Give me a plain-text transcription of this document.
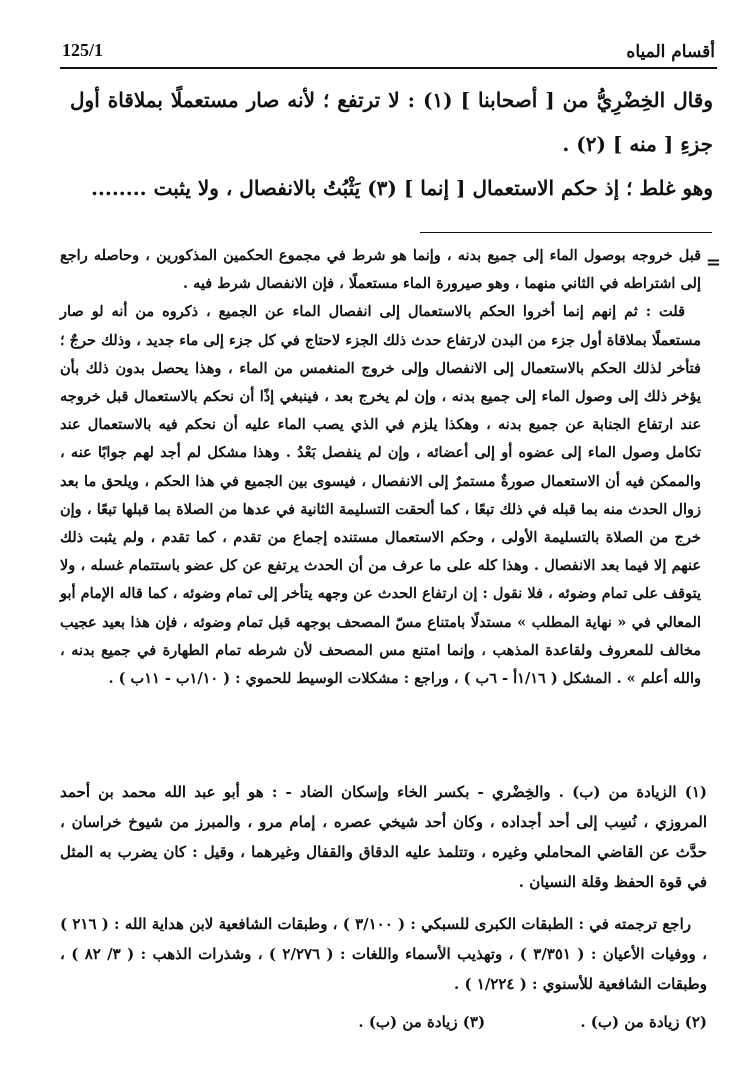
أقسام المياه
125/1

وقال الخِضْرِيُّ من [ أصحابنا ] (١) : لا ترتفع ؛ لأنه صار مستعملًا بملاقاة أول جزءِ [ منه ] (٢) .

وهو غلط ؛ إذ حكم الاستعمال [ إنما ] (٣) يَثْبُتُ بالانفصال ، ولا يثبت ........

=

قبل خروجه بوصول الماء إلى جميع بدنه ، وإنما هو شرط في مجموع الحكمين المذكورين ، وحاصله راجع إلى اشتراطه في الثاني منهما ، وهو صيرورة الماء مستعملًا ، فإن الانفصال شرط فيه .

قلت : ثم إنهم إنما أخروا الحكم بالاستعمال إلى انفصال الماء عن الجميع ، ذكروه من أنه لو صار مستعملًا بملاقاة أول جزء من البدن لارتفاع حدث ذلك الجزء لاحتاج في كل جزء إلى ماء جديد ، وذلك حرجٌ ؛ فتأخر لذلك الحكم بالاستعمال إلى الانفصال وإلى خروج المنغمس من الماء ، وهذا يحصل بدون ذلك بأن يؤخر ذلك إلى وصول الماء إلى جميع بدنه ، وإن لم يخرج بعد ، فينبغي إذًا أن نحكم بالاستعمال قبل خروجه عند ارتفاع الجنابة عن جميع بدنه ، وهكذا يلزم في الذي يصب الماء عليه أن نحكم فيه بالاستعمال عند تكامل وصول الماء إلى عضوه أو إلى أعضائه ، وإن لم ينفصل بَعْدُ . وهذا مشكل لم أجد لهم جوابًا عنه ، والممكن فيه أن الاستعمال صورةٌ مستمرٌ إلى الانفصال ، فيسوى بين الجميع في هذا الحكم ، ويلحق ما بعد زوال الحدث منه بما قبله في ذلك تبعًا ، كما ألحقت التسليمة الثانية في عدها من الصلاة بما قبلها تبعًا ، وإن خرج من الصلاة بالتسليمة الأولى ، وحكم الاستعمال مستنده إجماع من تقدم ، كما تقدم ، ولم يثبت ذلك عنهم إلا فيما بعد الانفصال . وهذا كله على ما عرف من أن الحدث يرتفع عن كل عضو باستتمام غسله ، ولا يتوقف على تمام وضوئه ، فلا نقول : إن ارتفاع الحدث عن وجهه يتأخر إلى تمام وضوئه ، كما قاله الإمام أبو المعالي في « نهاية المطلب » مستدلًا بامتناع مسّ المصحف بوجهه قبل تمام وضوئه ، فإن هذا بعيد عجيب مخالف للمعروف ولقاعدة المذهب ، وإنما امتنع مس المصحف لأن شرطه تمام الطهارة في جميع بدنه ، والله أعلم » . المشكل ( ١/١٦أ - ٦ب ) ، وراجع : مشكلات الوسيط للحموي : ( ١/١٠ب - ١١ب ) .

(١) الزيادة من (ب) . والخِضْري - بكسر الخاء وإسكان الضاد - : هو أبو عبد الله محمد بن أحمد المروزي ، نُسِب إلى أحد أجداده ، وكان أحد شيخي عصره ، إمام مرو ، والمبرز من شيوخ خراسان ، حدَّث عن القاضي المحاملي وغيره ، وتتلمذ عليه الدقاق والقفال وغيرهما ، وقيل : كان يضرب به المثل في قوة الحفظ وقلة النسيان .

راجع ترجمته في : الطبقات الكبرى للسبكي : ( ٣/١٠٠ ) ، وطبقات الشافعية لابن هداية الله : ( ٢١٦ ) ، ووفيات الأعيان : ( ٣/٣٥١ ) ، وتهذيب الأسماء واللغات : ( ٢/٢٧٦ ) ، وشذرات الذهب : ( ٣/ ٨٢ ) ، وطبقات الشافعية للأسنوي : ( ١/٢٢٤ ) .

(٢) زيادة من (ب) . (٣) زيادة من (ب) .
